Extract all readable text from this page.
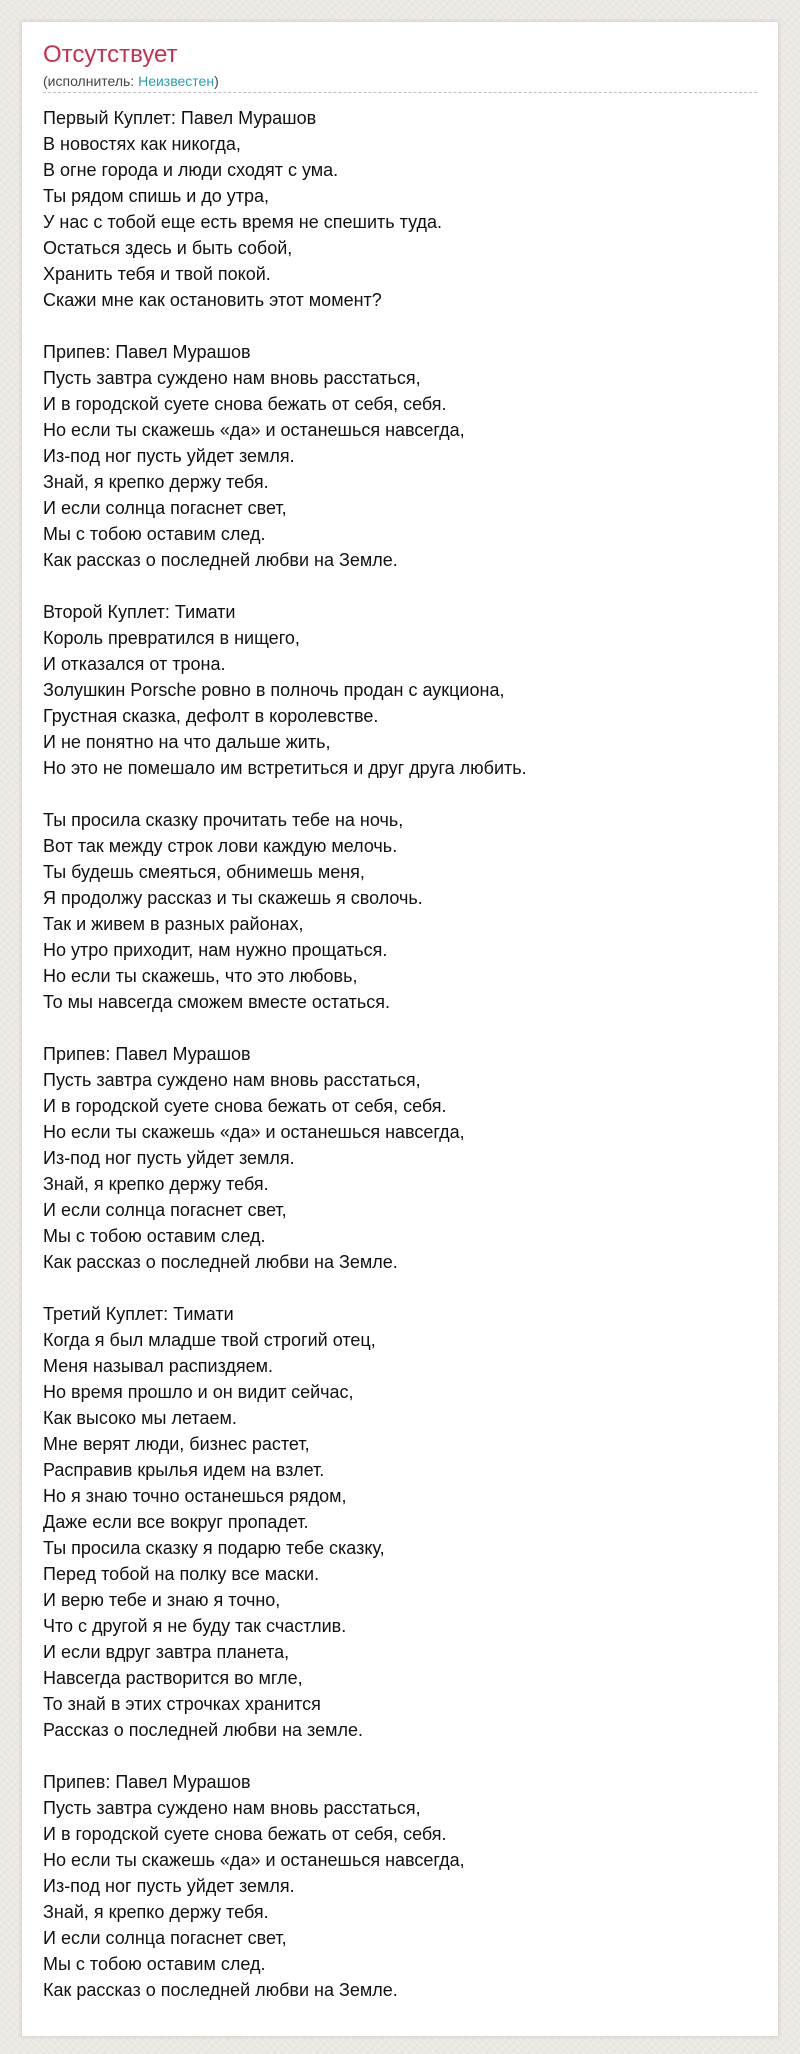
Отсутствует
(исполнитель: Неизвестен)
Первый Куплет: Павел Мурашов
В новостях как никогда,
В огне города и люди сходят с ума.
Ты рядом спишь и до утра,
У нас с тобой еще есть время не спешить туда.
Остаться здесь и быть собой,
Хранить тебя и твой покой.
Скажи мне как остановить этот момент?
Припев: Павел Мурашов
Пусть завтра суждено нам вновь расстаться,
И в городской суете снова бежать от себя, себя.
Но если ты скажешь «да» и останешься навсегда,
Из-под ног пусть уйдет земля.
Знай, я крепко держу тебя.
И если солнца погаснет свет,
Мы с тобою оставим след.
Как рассказ о последней любви на Земле.
Второй Куплет: Тимати
Король превратился в нищего,
И отказался от трона.
Золушкин Porsche ровно в полночь продан с аукциона,
Грустная сказка, дефолт в королевстве.
И не понятно на что дальше жить,
Но это не помешало им встретиться и друг друга любить.
Ты просила сказку прочитать тебе на ночь,
Вот так между строк лови каждую мелочь.
Ты будешь смеяться, обнимешь меня,
Я продолжу рассказ и ты скажешь я сволочь.
Так и живем в разных районах,
Но утро приходит, нам нужно прощаться.
Но если ты скажешь, что это любовь,
То мы навсегда сможем вместе остаться.
Припев: Павел Мурашов
Пусть завтра суждено нам вновь расстаться,
И в городской суете снова бежать от себя, себя.
Но если ты скажешь «да» и останешься навсегда,
Из-под ног пусть уйдет земля.
Знай, я крепко держу тебя.
И если солнца погаснет свет,
Мы с тобою оставим след.
Как рассказ о последней любви на Земле.
Третий Куплет: Тимати
Когда я был младше твой строгий отец,
Меня называл распиздяем.
Но время прошло и он видит сейчас,
Как высоко мы летаем.
Мне верят люди, бизнес растет,
Расправив крылья идем на взлет.
Но я знаю точно останешься рядом,
Даже если все вокруг пропадет.
Ты просила сказку я подарю тебе сказку,
Перед тобой на полку все маски.
И верю тебе и знаю я точно,
Что с другой я не буду так счастлив.
И если вдруг завтра планета,
Навсегда растворится во мгле,
То знай в этих строчках хранится
Рассказ о последней любви на земле.
Припев: Павел Мурашов
Пусть завтра суждено нам вновь расстаться,
И в городской суете снова бежать от себя, себя.
Но если ты скажешь «да» и останешься навсегда,
Из-под ног пусть уйдет земля.
Знай, я крепко держу тебя.
И если солнца погаснет свет,
Мы с тобою оставим след.
Как рассказ о последней любви на Земле.
